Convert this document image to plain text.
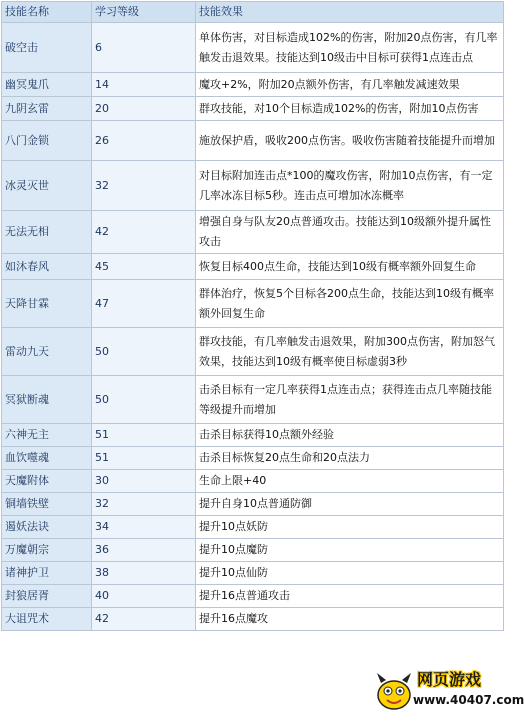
技能名称	学习等级	技能效果
破空击	6	单体伤害，对目标造成102%的伤害，附加20点伤害，有几率触发击退效果。技能达到10级击中目标可获得1点连击点
幽冥鬼爪	14	魔攻+2%，附加20点额外伤害，有几率触发减速效果
九阴玄雷	20	群攻技能，对10个目标造成102%的伤害，附加10点伤害
八门金锁	26	施放保护盾，吸收200点伤害。吸收伤害随着技能提升而增加
冰灵灭世	32	对目标附加连击点*100的魔攻伤害，附加10点伤害，有一定几率冰冻目标5秒。连击点可增加冰冻概率
无法无相	42	增强自身与队友20点普通攻击。技能达到10级额外提升属性攻击
如沐春风	45	恢复目标400点生命，技能达到10级有概率额外回复生命
天降甘霖	47	群体治疗，恢复5个目标各200点生命，技能达到10级有概率额外回复生命
雷动九天	50	群攻技能，有几率触发击退效果，附加300点伤害，附加怒气效果，技能达到10级有概率使目标虚弱3秒
冥狱断魂	50	击杀目标有一定几率获得1点连击点；获得连击点几率随技能等级提升而增加
六神无主	51	击杀目标获得10点额外经验
血饮噬魂	51	击杀目标恢复20点生命和20点法力
天魔附体	30	生命上限+40
铜墙铁壁	32	提升自身10点普通防御
遏妖法诀	34	提升10点妖防
万魔朝宗	36	提升10点魔防
诸神护卫	38	提升10点仙防
封狼居胥	40	提升16点普通攻击
大诅咒术	42	提升16点魔攻
网页游戏
www.40407.com
